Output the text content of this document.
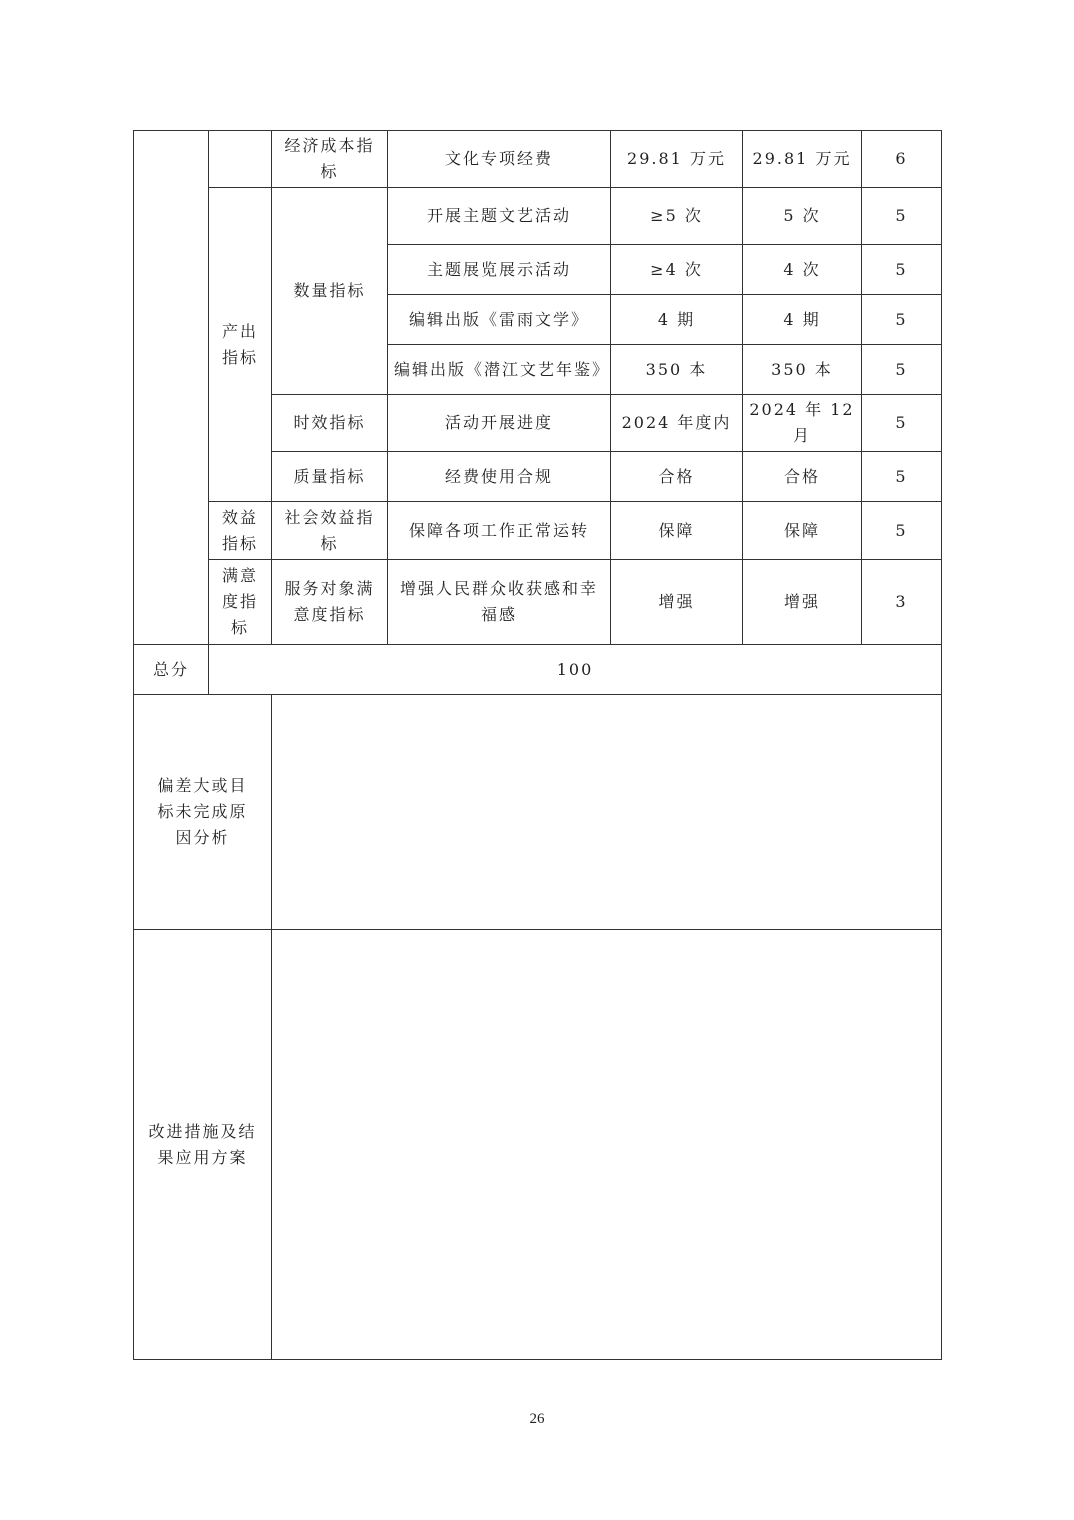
		经济成本指标	文化专项经费	29.81 万元	29.81 万元	6
	产出指标	数量指标	开展主题文艺活动	≥5 次	5 次	5
			主题展览展示活动	≥4 次	4 次	5
			编辑出版《雷雨文学》	4 期	4 期	5
			编辑出版《潜江文艺年鉴》	350 本	350 本	5
		时效指标	活动开展进度	2024 年度内	2024 年 12 月	5
		质量指标	经费使用合规	合格	合格	5
	效益指标	社会效益指标	保障各项工作正常运转	保障	保障	5
	满意度指标	服务对象满意度指标	增强人民群众收获感和幸福感	增强	增强	3
总分	100					
偏差大或目标未完成原因分析						
改进措施及结果应用方案						
26
